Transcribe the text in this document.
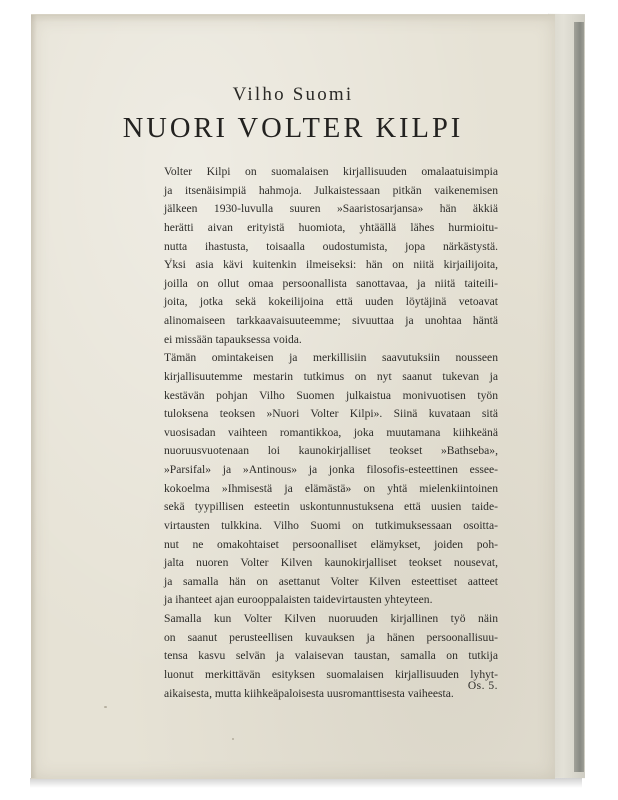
Vilho Suomi
NUORI VOLTER KILPI

Volter Kilpi on suomalaisen kirjallisuuden omalaatuisimpia
ja itsenäisimpiä hahmoja. Julkaistessaan pitkän vaikenemisen
jälkeen 1930-luvulla suuren »Saaristosarjansa» hän äkkiä
herätti aivan erityistä huomiota, yhtäällä lähes hurmioitu-
nutta ihastusta, toisaalla oudostumista, jopa närkästystä.
Yksi asia kävi kuitenkin ilmeiseksi: hän on niitä kirjailijoita,
joilla on ollut omaa persoonallista sanottavaa, ja niitä taiteili-
joita, jotka sekä kokeilijoina että uuden löytäjinä vetoavat
alinomaiseen tarkkaavaisuuteemme; sivuuttaa ja unohtaa häntä
ei missään tapauksessa voida.

Tämän omintakeisen ja merkillisiin saavutuksiin nousseen
kirjallisuutemme mestarin tutkimus on nyt saanut tukevan ja
kestävän pohjan Vilho Suomen julkaistua monivuotisen työn
tuloksena teoksen »Nuori Volter Kilpi». Siinä kuvataan sitä
vuosisadan vaihteen romantikkoa, joka muutamana kiihkeänä
nuoruusvuotenaan loi kaunokirjalliset teokset »Bathseba»,
»Parsifal» ja »Antinous» ja jonka filosofis-esteettinen essee-
kokoelma »Ihmisestä ja elämästä» on yhtä mielenkiintoinen
sekä tyypillisen esteetin uskontunnustuksena että uusien taide-
virtausten tulkkina. Vilho Suomi on tutkimuksessaan osoitta-
nut ne omakohtaiset persoonalliset elämykset, joiden poh-
jalta nuoren Volter Kilven kaunokirjalliset teokset nousevat,
ja samalla hän on asettanut Volter Kilven esteettiset aatteet
ja ihanteet ajan eurooppalaisten taidevirtausten yhteyteen.

Samalla kun Volter Kilven nuoruuden kirjallinen työ näin
on saanut perusteellisen kuvauksen ja hänen persoonallisuu-
tensa kasvu selvän ja valaisevan taustan, samalla on tutkija
luonut merkittävän esityksen suomalaisen kirjallisuuden lyhyt-
aikaisesta, mutta kiihkeäpaloisesta uusromanttisesta vaiheesta.

Os. 5.
